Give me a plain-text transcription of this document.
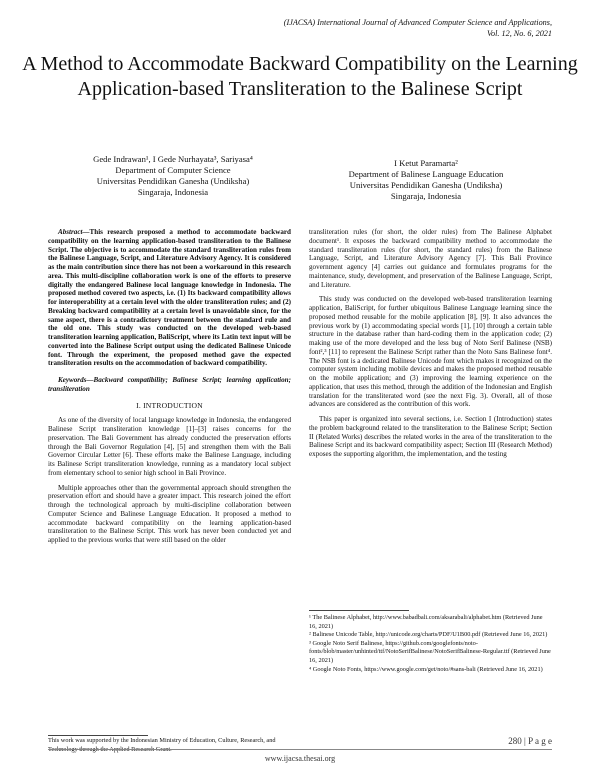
(IJACSA) International Journal of Advanced Computer Science and Applications,
Vol. 12, No. 6, 2021
A Method to Accommodate Backward Compatibility on the Learning Application-based Transliteration to the Balinese Script
Gede Indrawan¹, I Gede Nurhayata³, Sariyasa⁴
Department of Computer Science
Universitas Pendidikan Ganesha (Undiksha)
Singaraja, Indonesia
I Ketut Paramarta²
Department of Balinese Language Education
Universitas Pendidikan Ganesha (Undiksha)
Singaraja, Indonesia

Abstract—This research proposed a method to accommodate backward compatibility on the learning application-based transliteration to the Balinese Script. The objective is to accommodate the standard transliteration rules from the Balinese Language, Script, and Literature Advisory Agency. It is considered as the main contribution since there has not been a workaround in this research area. This multi-discipline collaboration work is one of the efforts to preserve digitally the endangered Balinese local language knowledge in Indonesia. The proposed method covered two aspects, i.e. (1) Its backward compatibility allows for interoperability at a certain level with the older transliteration rules; and (2) Breaking backward compatibility at a certain level is unavoidable since, for the same aspect, there is a contradictory treatment between the standard rule and the old one. This study was conducted on the developed web-based transliteration learning application, BaliScript, where its Latin text input will be converted into the Balinese Script output using the dedicated Balinese Unicode font. Through the experiment, the proposed method gave the expected transliteration results on the accommodation of backward compatibility.

Keywords—Backward compatibility; Balinese Script; learning application; transliteration

I. INTRODUCTION

As one of the diversity of local language knowledge in Indonesia, the endangered Balinese Script transliteration knowledge [1]–[3] raises concerns for the preservation. The Bali Government has already conducted the preservation efforts through the Bali Governor Regulation [4], [5] and strengthen them with the Bali Governor Circular Letter [6]. These efforts make the Balinese Language, including its Balinese Script transliteration knowledge, running as a mandatory local subject from elementary school to senior high school in Bali Province.

Multiple approaches other than the governmental approach should strengthen the preservation effort and should have a greater impact. This research joined the effort through the technological approach by multi-discipline collaboration between Computer Science and Balinese Language Education. It proposed a method to accommodate backward compatibility on the learning application-based transliteration to the Balinese Script. This work has never been conducted yet and applied to the previous works that were still based on the older

This work was supported by the Indonesian Ministry of Education, Culture, Research, and Technology through the Applied Research Grant.

transliteration rules (for short, the older rules) from The Balinese Alphabet document¹. It exposes the backward compatibility method to accommodate the standard transliteration rules (for short, the standard rules) from the Balinese Language, Script, and Literature Advisory Agency [7]. This Bali Province government agency [4] carries out guidance and formulates programs for the maintenance, study, development, and preservation of the Balinese Language, Script, and Literature.

This study was conducted on the developed web-based transliteration learning application, BaliScript, for further ubiquitous Balinese Language learning since the proposed method reusable for the mobile application [8], [9]. It also advances the previous work by (1) accommodating special words [1], [10] through a certain table structure in the database rather than hard-coding them in the application code; (2) making use of the more developed and the less bug of Noto Serif Balinese (NSB) font²,³ [11] to represent the Balinese Script rather than the Noto Sans Balinese font⁴. The NSB font is a dedicated Balinese Unicode font which makes it recognized on the computer system including mobile devices and makes the proposed method reusable on the mobile application; and (3) improving the learning experience on the application, that uses this method, through the addition of the Indonesian and English translation for the transliterated word (see the next Fig. 3). Overall, all of those advances are considered as the contribution of this work.

This paper is organized into several sections, i.e. Section I (Introduction) states the problem background related to the transliteration to the Balinese Script; Section II (Related Works) describes the related works in the area of the transliteration to the Balinese Script and its backward compatibility aspect; Section III (Research Method) exposes the supporting algorithm, the implementation, and the testing

¹ The Balinese Alphabet, http://www.babadbali.com/aksarabali/alphabet.htm (Retrieved June 16, 2021)

² Balinese Unicode Table, http://unicode.org/charts/PDF/U1B00.pdf (Retrieved June 16, 2021)

³ Google Noto Serif Balinese, https://github.com/googlefonts/noto-fonts/blob/master/unhinted/ttf/NotoSerifBalinese/NotoSerifBalinese-Regular.ttf (Retrieved June 16, 2021)

⁴ Google Noto Fonts, https://www.google.com/get/noto/#sans-bali (Retrieved June 16, 2021)

280 | P a g e
www.ijacsa.thesai.org
